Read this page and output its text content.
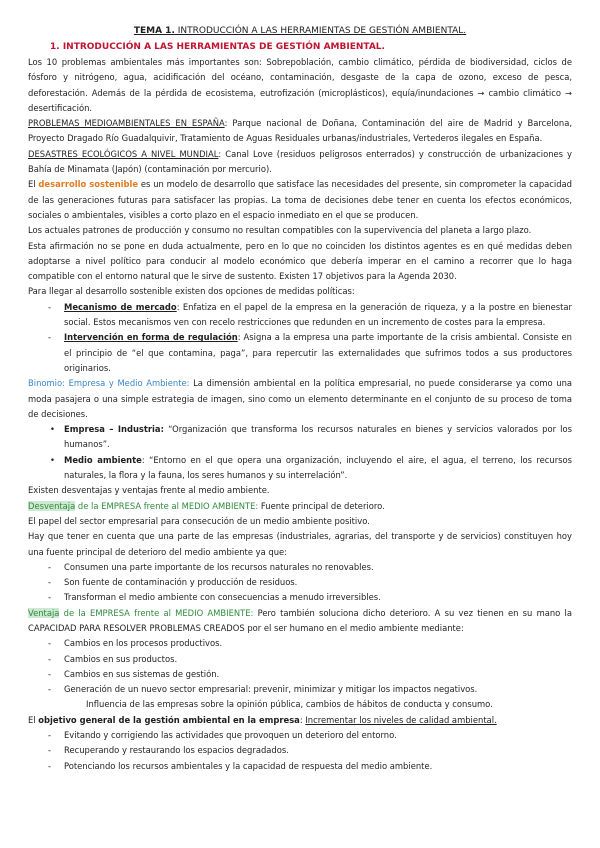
TEMA 1. INTRODUCCIÓN A LAS HERRAMIENTAS DE GESTIÓN AMBIENTAL.
1. INTRODUCCIÓN A LAS HERRAMIENTAS DE GESTIÓN AMBIENTAL.

Los 10 problemas ambientales más importantes son: Sobrepoblación, cambio climático, pérdida de biodiversidad, ciclos de fósforo y nitrógeno, agua, acidificación del océano, contaminación, desgaste de la capa de ozono, exceso de pesca, deforestación. Además de la pérdida de ecosistema, eutrofización (microplásticos), equía/inundaciones → cambio climático → desertificación.

PROBLEMAS MEDIOAMBIENTALES EN ESPAÑA: Parque nacional de Doñana, Contaminación del aire de Madrid y Barcelona, Proyecto Dragado Río Guadalquivir, Tratamiento de Aguas Residuales urbanas/industriales, Vertederos ilegales en España.

DESASTRES ECOLÓGICOS A NIVEL MUNDIAL: Canal Love (residuos peligrosos enterrados) y construcción de urbanizaciones y Bahía de Minamata (Japón) (contaminación por mercurio).

El desarrollo sostenible es un modelo de desarrollo que satisface las necesidades del presente, sin comprometer la capacidad de las generaciones futuras para satisfacer las propias. La toma de decisiones debe tener en cuenta los efectos económicos, sociales o ambientales, visibles a corto plazo en el espacio inmediato en el que se producen.

Los actuales patrones de producción y consumo no resultan compatibles con la supervivencia del planeta a largo plazo.

Esta afirmación no se pone en duda actualmente, pero en lo que no coinciden los distintos agentes es en qué medidas deben adoptarse a nivel político para conducir al modelo económico que debería imperar en el camino a recorrer que lo haga compatible con el entorno natural que le sirve de sustento. Existen 17 objetivos para la Agenda 2030.

Para llegar al desarrollo sostenible existen dos opciones de medidas políticas:

- Mecanismo de mercado: Enfatiza en el papel de la empresa en la generación de riqueza, y a la postre en bienestar social. Estos mecanismos ven con recelo restricciones que redunden en un incremento de costes para la empresa.
- Intervención en forma de regulación: Asigna a la empresa una parte importante de la crisis ambiental. Consiste en el principio de “el que contamina, paga”, para repercutir las externalidades que sufrimos todos a sus productores originarios.

Binomio: Empresa y Medio Ambiente: La dimensión ambiental en la política empresarial, no puede considerarse ya como una moda pasajera o una simple estrategia de imagen, sino como un elemento determinante en el conjunto de su proceso de toma de decisiones.

• Empresa – Industria: “Organización que transforma los recursos naturales en bienes y servicios valorados por los humanos”.
• Medio ambiente: “Entorno en el que opera una organización, incluyendo el aire, el agua, el terreno, los recursos naturales, la flora y la fauna, los seres humanos y su interrelación”.

Existen desventajas y ventajas frente al medio ambiente.

Desventaja de la EMPRESA frente al MEDIO AMBIENTE: Fuente principal de deterioro.

El papel del sector empresarial para consecución de un medio ambiente positivo.

Hay que tener en cuenta que una parte de las empresas (industriales, agrarias, del transporte y de servicios) constituyen hoy una fuente principal de deterioro del medio ambiente ya que:

- Consumen una parte importante de los recursos naturales no renovables.
- Son fuente de contaminación y producción de residuos.
- Transforman el medio ambiente con consecuencias a menudo irreversibles.

Ventaja de la EMPRESA frente al MEDIO AMBIENTE: Pero también soluciona dicho deterioro. A su vez tienen en su mano la CAPACIDAD PARA RESOLVER PROBLEMAS CREADOS por el ser humano en el medio ambiente mediante:

- Cambios en los procesos productivos.
- Cambios en sus productos.
- Cambios en sus sistemas de gestión.
- Generación de un nuevo sector empresarial: prevenir, minimizar y mitigar los impactos negativos.

Influencia de las empresas sobre la opinión pública, cambios de hábitos de conducta y consumo.

El objetivo general de la gestión ambiental en la empresa: Incrementar los niveles de calidad ambiental.

- Evitando y corrigiendo las actividades que provoquen un deterioro del entorno.
- Recuperando y restaurando los espacios degradados.
- Potenciando los recursos ambientales y la capacidad de respuesta del medio ambiente.
